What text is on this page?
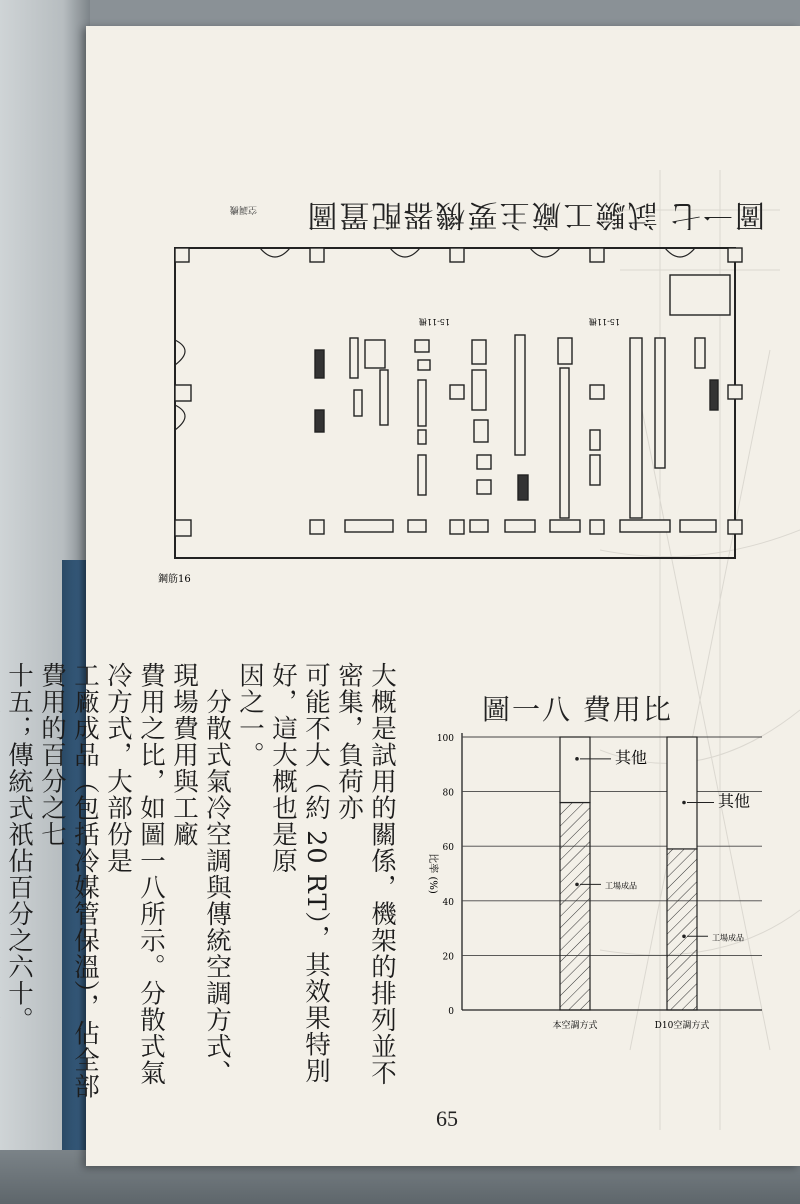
圖一七 試驗工廠主要機器配置圖
空調機
鋼筋16
15-11機	15-11機
圖一八 費用比
0
20
40
60
80
100
比率 (%)
本空調方式	D10空調方式
其他
其他
工場成品
工場成品
大概是試用的關係，機架的排列並不密集，負荷亦
可能不大（約 20 RT），其效果特別好，這大概也是原
因之一。
　分散式氣冷空調與傳統空調方式、現場費用與工廠
費用之比，如圖一八所示。分散式氣冷方式，大部份是
工廠成品（包括冷媒管保溫），佔全部費用的百分之七
十五；傳統式祇佔百分之六十。
65
